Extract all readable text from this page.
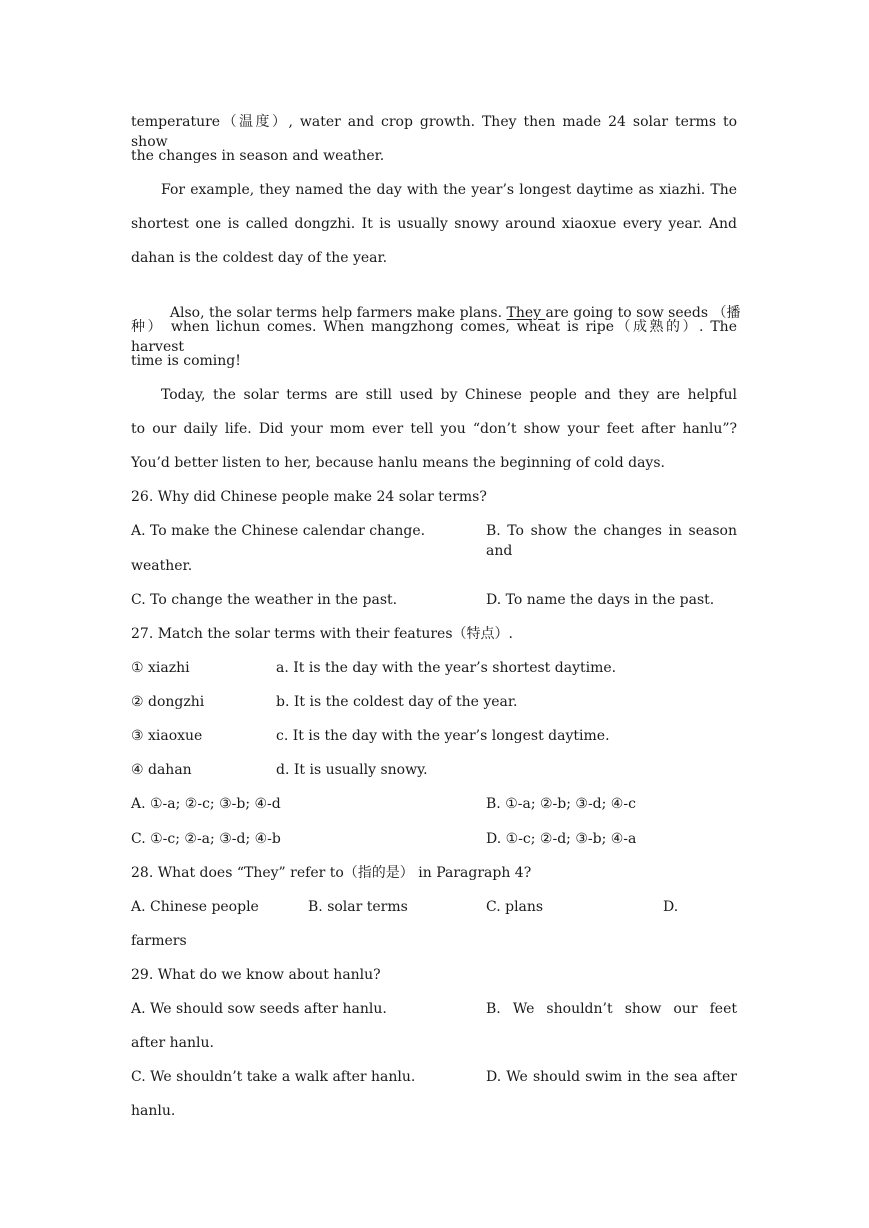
temperature（温度）, water and crop growth. They then made 24 solar terms to show
the changes in season and weather.
For example, they named the day with the year’s longest daytime as xiazhi. The
shortest one is called dongzhi. It is usually snowy around xiaoxue every year. And
dahan is the coldest day of the year.

Also, the solar terms help farmers make plans. They are going to sow seeds （播

种） when lichun comes. When mangzhong comes, wheat is ripe（成熟的）. The harvest
time is coming!
Today, the solar terms are still used by Chinese people and they are helpful
to our daily life. Did your mom ever tell you “don’t show your feet after hanlu”?
You’d better listen to her, because hanlu means the beginning of cold days.
26. Why did Chinese people make 24 solar terms?
A. To make the Chinese calendar change.	B. To show the changes in season and
weather.
C. To change the weather in the past.	D. To name the days in the past.
27. Match the solar terms with their features（特点）.
① xiazhi	a. It is the day with the year’s shortest daytime.
② dongzhi	b. It is the coldest day of the year.
③ xiaoxue	c. It is the day with the year’s longest daytime.
④ dahan	d. It is usually snowy.
A. ①-a; ②-c; ③-b; ④-d	B. ①-a; ②-b; ③-d; ④-c
C. ①-c; ②-a; ③-d; ④-b	D. ①-c; ②-d; ③-b; ④-a
28. What does “They” refer to（指的是） in Paragraph 4?
A. Chinese people	B. solar terms	C. plans	D.
farmers
29. What do we know about hanlu?
A. We should sow seeds after hanlu.	B. We shouldn’t show our feet
after hanlu.
C. We shouldn’t take a walk after hanlu.	D. We should swim in the sea after
hanlu.
